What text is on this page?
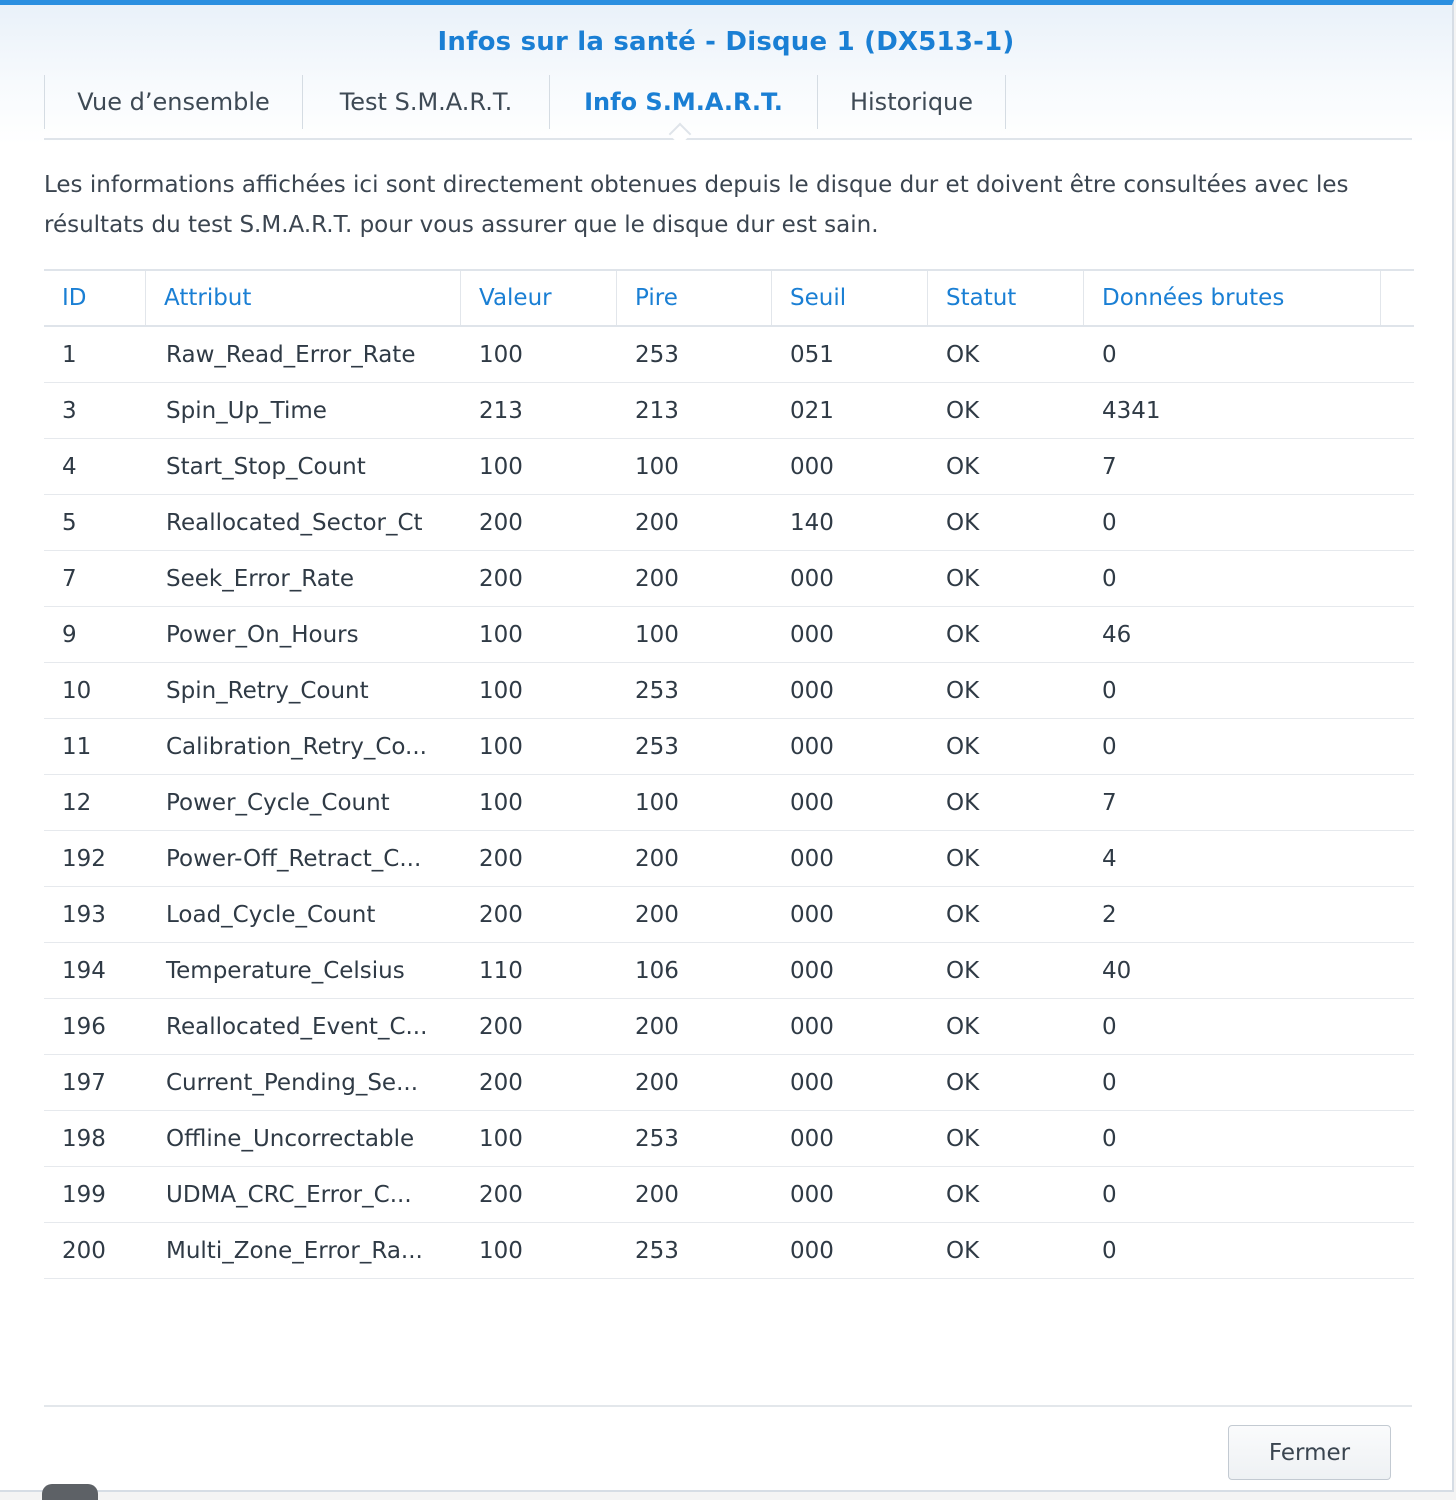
Infos sur la santé - Disque 1 (DX513-1)
Vue d’ensemble	Test S.M.A.R.T.	Info S.M.A.R.T.	Historique
Les informations affichées ici sont directement obtenues depuis le disque dur et doivent être consultées avec les résultats du test S.M.A.R.T. pour vous assurer que le disque dur est sain.
ID	Attribut	Valeur	Pire	Seuil	Statut	Données brutes
1	Raw_Read_Error_Rate	100	253	051	OK	0
3	Spin_Up_Time	213	213	021	OK	4341
4	Start_Stop_Count	100	100	000	OK	7
5	Reallocated_Sector_Ct	200	200	140	OK	0
7	Seek_Error_Rate	200	200	000	OK	0
9	Power_On_Hours	100	100	000	OK	46
10	Spin_Retry_Count	100	253	000	OK	0
11	Calibration_Retry_Co...	100	253	000	OK	0
12	Power_Cycle_Count	100	100	000	OK	7
192	Power-Off_Retract_C...	200	200	000	OK	4
193	Load_Cycle_Count	200	200	000	OK	2
194	Temperature_Celsius	110	106	000	OK	40
196	Reallocated_Event_C...	200	200	000	OK	0
197	Current_Pending_Se...	200	200	000	OK	0
198	Offline_Uncorrectable	100	253	000	OK	0
199	UDMA_CRC_Error_C...	200	200	000	OK	0
200	Multi_Zone_Error_Ra...	100	253	000	OK	0
Fermer
